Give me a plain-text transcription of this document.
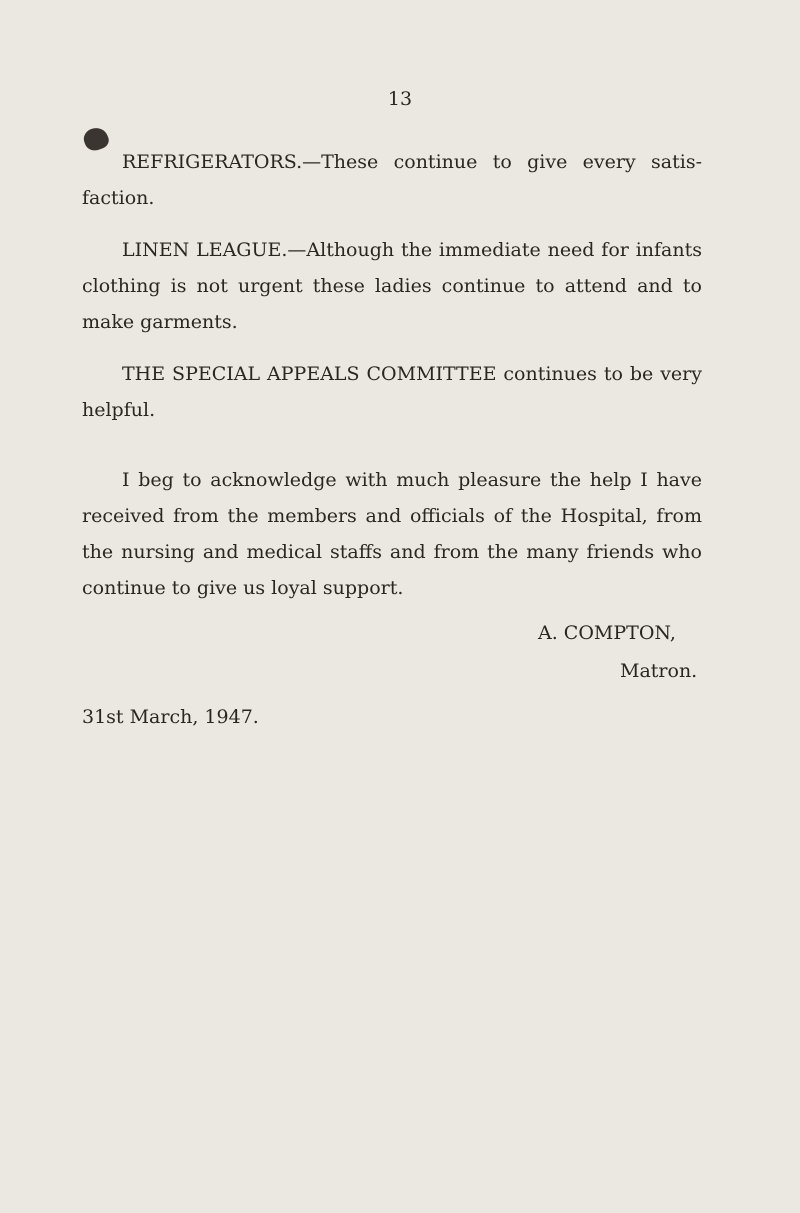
13

REFRIGERATORS.—These continue to give every satis- faction.

LINEN LEAGUE.—Although the immediate need for infants clothing is not urgent these ladies continue to attend and to make garments.

THE SPECIAL APPEALS COMMITTEE continues to be very helpful.

I beg to acknowledge with much pleasure the help I have received from the members and officials of the Hospital, from the nursing and medical staffs and from the many friends who continue to give us loyal support.

A. COMPTON,
Matron.
31st March, 1947.
